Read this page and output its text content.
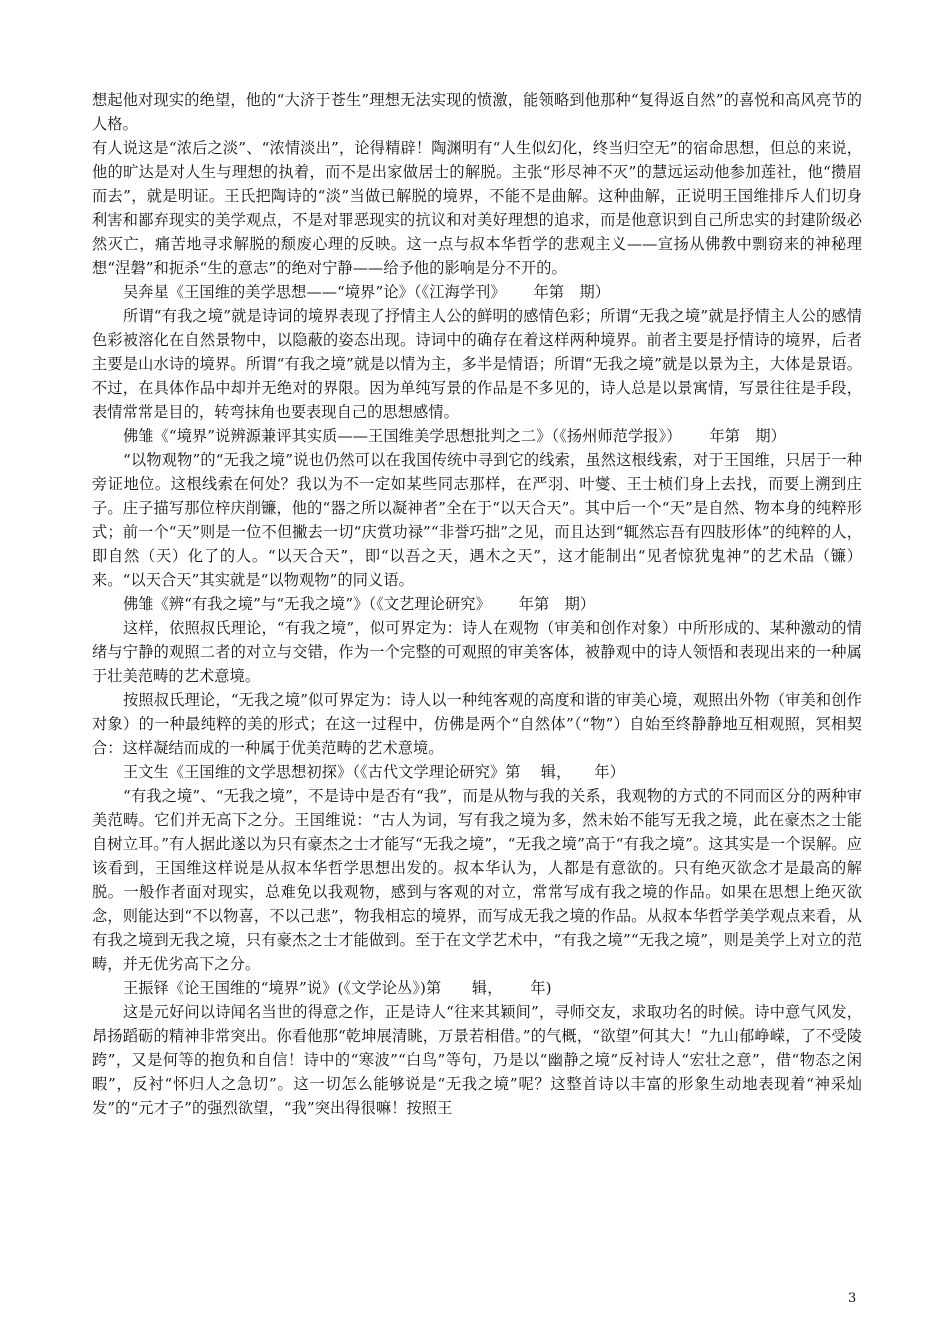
想起他对现实的绝望，他的“大济于苍生”理想无法实现的愤激，能领略到他那种“复得返自然”的喜悦和高风亮节的人格。

有人说这是“浓后之淡”、“浓情淡出”，论得精辟！陶渊明有“人生似幻化，终当归空无”的宿命思想，但总的来说，他的旷达是对人生与理想的执着，而不是出家做居士的解脱。主张“形尽神不灭”的慧远运动他参加莲社，他“攒眉而去”，就是明证。王氏把陶诗的“淡”当做已解脱的境界，不能不是曲解。这种曲解，正说明王国维排斥人们切身利害和鄙弃现实的美学观点，不是对罪恶现实的抗议和对美好理想的追求，而是他意识到自己所忠实的封建阶级必然灭亡，痛苦地寻求解脱的颓废心理的反映。这一点与叔本华哲学的悲观主义——宣扬从佛教中剽窃来的神秘理想“涅磐”和扼杀“生的意志”的绝对宁静——给予他的影响是分不开的。

吴奔星《王国维的美学思想——“境界”论》（《江海学刊》　　 年第　期）

所谓“有我之境”就是诗词的境界表现了抒情主人公的鲜明的感情色彩；所谓“无我之境”就是抒情主人公的感情色彩被溶化在自然景物中，以隐蔽的姿态出现。诗词中的确存在着这样两种境界。前者主要是抒情诗的境界，后者主要是山水诗的境界。所谓“有我之境”就是以情为主，多半是情语；所谓“无我之境”就是以景为主，大体是景语。不过，在具体作品中却并无绝对的界限。因为单纯写景的作品是不多见的，诗人总是以景寓情，写景往往是手段，表情常常是目的，转弯抹角也要表现自己的思想感情。

佛雏《“境界”说辨源兼评其实质——王国维美学思想批判之二》（《扬州师范学报》）　　 年第　期）

“以物观物”的“无我之境”说也仍然可以在我国传统中寻到它的线索，虽然这根线索，对于王国维，只居于一种旁证地位。这根线索在何处？我以为不一定如某些同志那样，在严羽、叶燮、王士桢们身上去找，而要上溯到庄子。庄子描写那位梓庆削镰，他的“器之所以凝神者”全在于“以天合天”。其中后一个“天”是自然、物本身的纯粹形式；前一个“天”则是一位不但撇去一切“庆赏功禄”“非誉巧拙”之见，而且达到“辄然忘吾有四肢形体”的纯粹的人，即自然（天）化了的人。“以天合天”，即“以吾之天，遇木之天”，这才能制出“见者惊犹鬼神”的艺术品（镰）来。“以天合天”其实就是“以物观物”的同义语。

佛雏《辨“有我之境”与“无我之境”》（《文艺理论研究》　　 年第　期）

这样，依照叔氏理论，“有我之境”，似可界定为：诗人在观物（审美和创作对象）中所形成的、某种激动的情绪与宁静的观照二者的对立与交错，作为一个完整的可观照的审美客体，被静观中的诗人领悟和表现出来的一种属于壮美范畴的艺术意境。

按照叔氏理论，“无我之境”似可界定为：诗人以一种纯客观的高度和谐的审美心境，观照出外物（审美和创作对象）的一种最纯粹的美的形式；在这一过程中，仿佛是两个“自然体”（“物”）自始至终静静地互相观照，冥相契合：这样凝结而成的一种属于优美范畴的艺术意境。

王文生《王国维的文学思想初探》（《古代文学理论研究》第　 辑，　　年）

“有我之境”、“无我之境”，不是诗中是否有“我”，而是从物与我的关系，我观物的方式的不同而区分的两种审美范畴。它们并无高下之分。王国维说：“古人为词，写有我之境为多，然未始不能写无我之境，此在豪杰之士能自树立耳。”有人据此遂以为只有豪杰之士才能写“无我之境”，“无我之境”高于“有我之境”。这其实是一个误解。应该看到，王国维这样说是从叔本华哲学思想出发的。叔本华认为，人都是有意欲的。只有绝灭欲念才是最高的解脱。一般作者面对现实，总难免以我观物，感到与客观的对立，常常写成有我之境的作品。如果在思想上绝灭欲念，则能达到“不以物喜，不以己悲”，物我相忘的境界，而写成无我之境的作品。从叔本华哲学美学观点来看，从有我之境到无我之境，只有豪杰之士才能做到。至于在文学艺术中，“有我之境”“无我之境”，则是美学上对立的范畴，并无优劣高下之分。

王振铎《论王国维的“境界”说》(《文学论丛》)第　　辑，　　 年)

这是元好问以诗闻名当世的得意之作，正是诗人“往来其颖间”，寻师交友，求取功名的时候。诗中意气风发，昂扬蹈砺的精神非常突出。你看他那“乾坤展清眺，万景若相借。”的气概，“欲望”何其大！“九山郁峥嵘，了不受陵跨”，又是何等的抱负和自信！诗中的“寒波”“白鸟”等句，乃是以“幽静之境”反衬诗人“宏壮之意”，借“物态之闲暇”，反衬“怀归人之急切”。这一切怎么能够说是“无我之境”呢？这整首诗以丰富的形象生动地表现着“神采灿发”的“元才子”的强烈欲望，“我”突出得很嘛！按照王

3
